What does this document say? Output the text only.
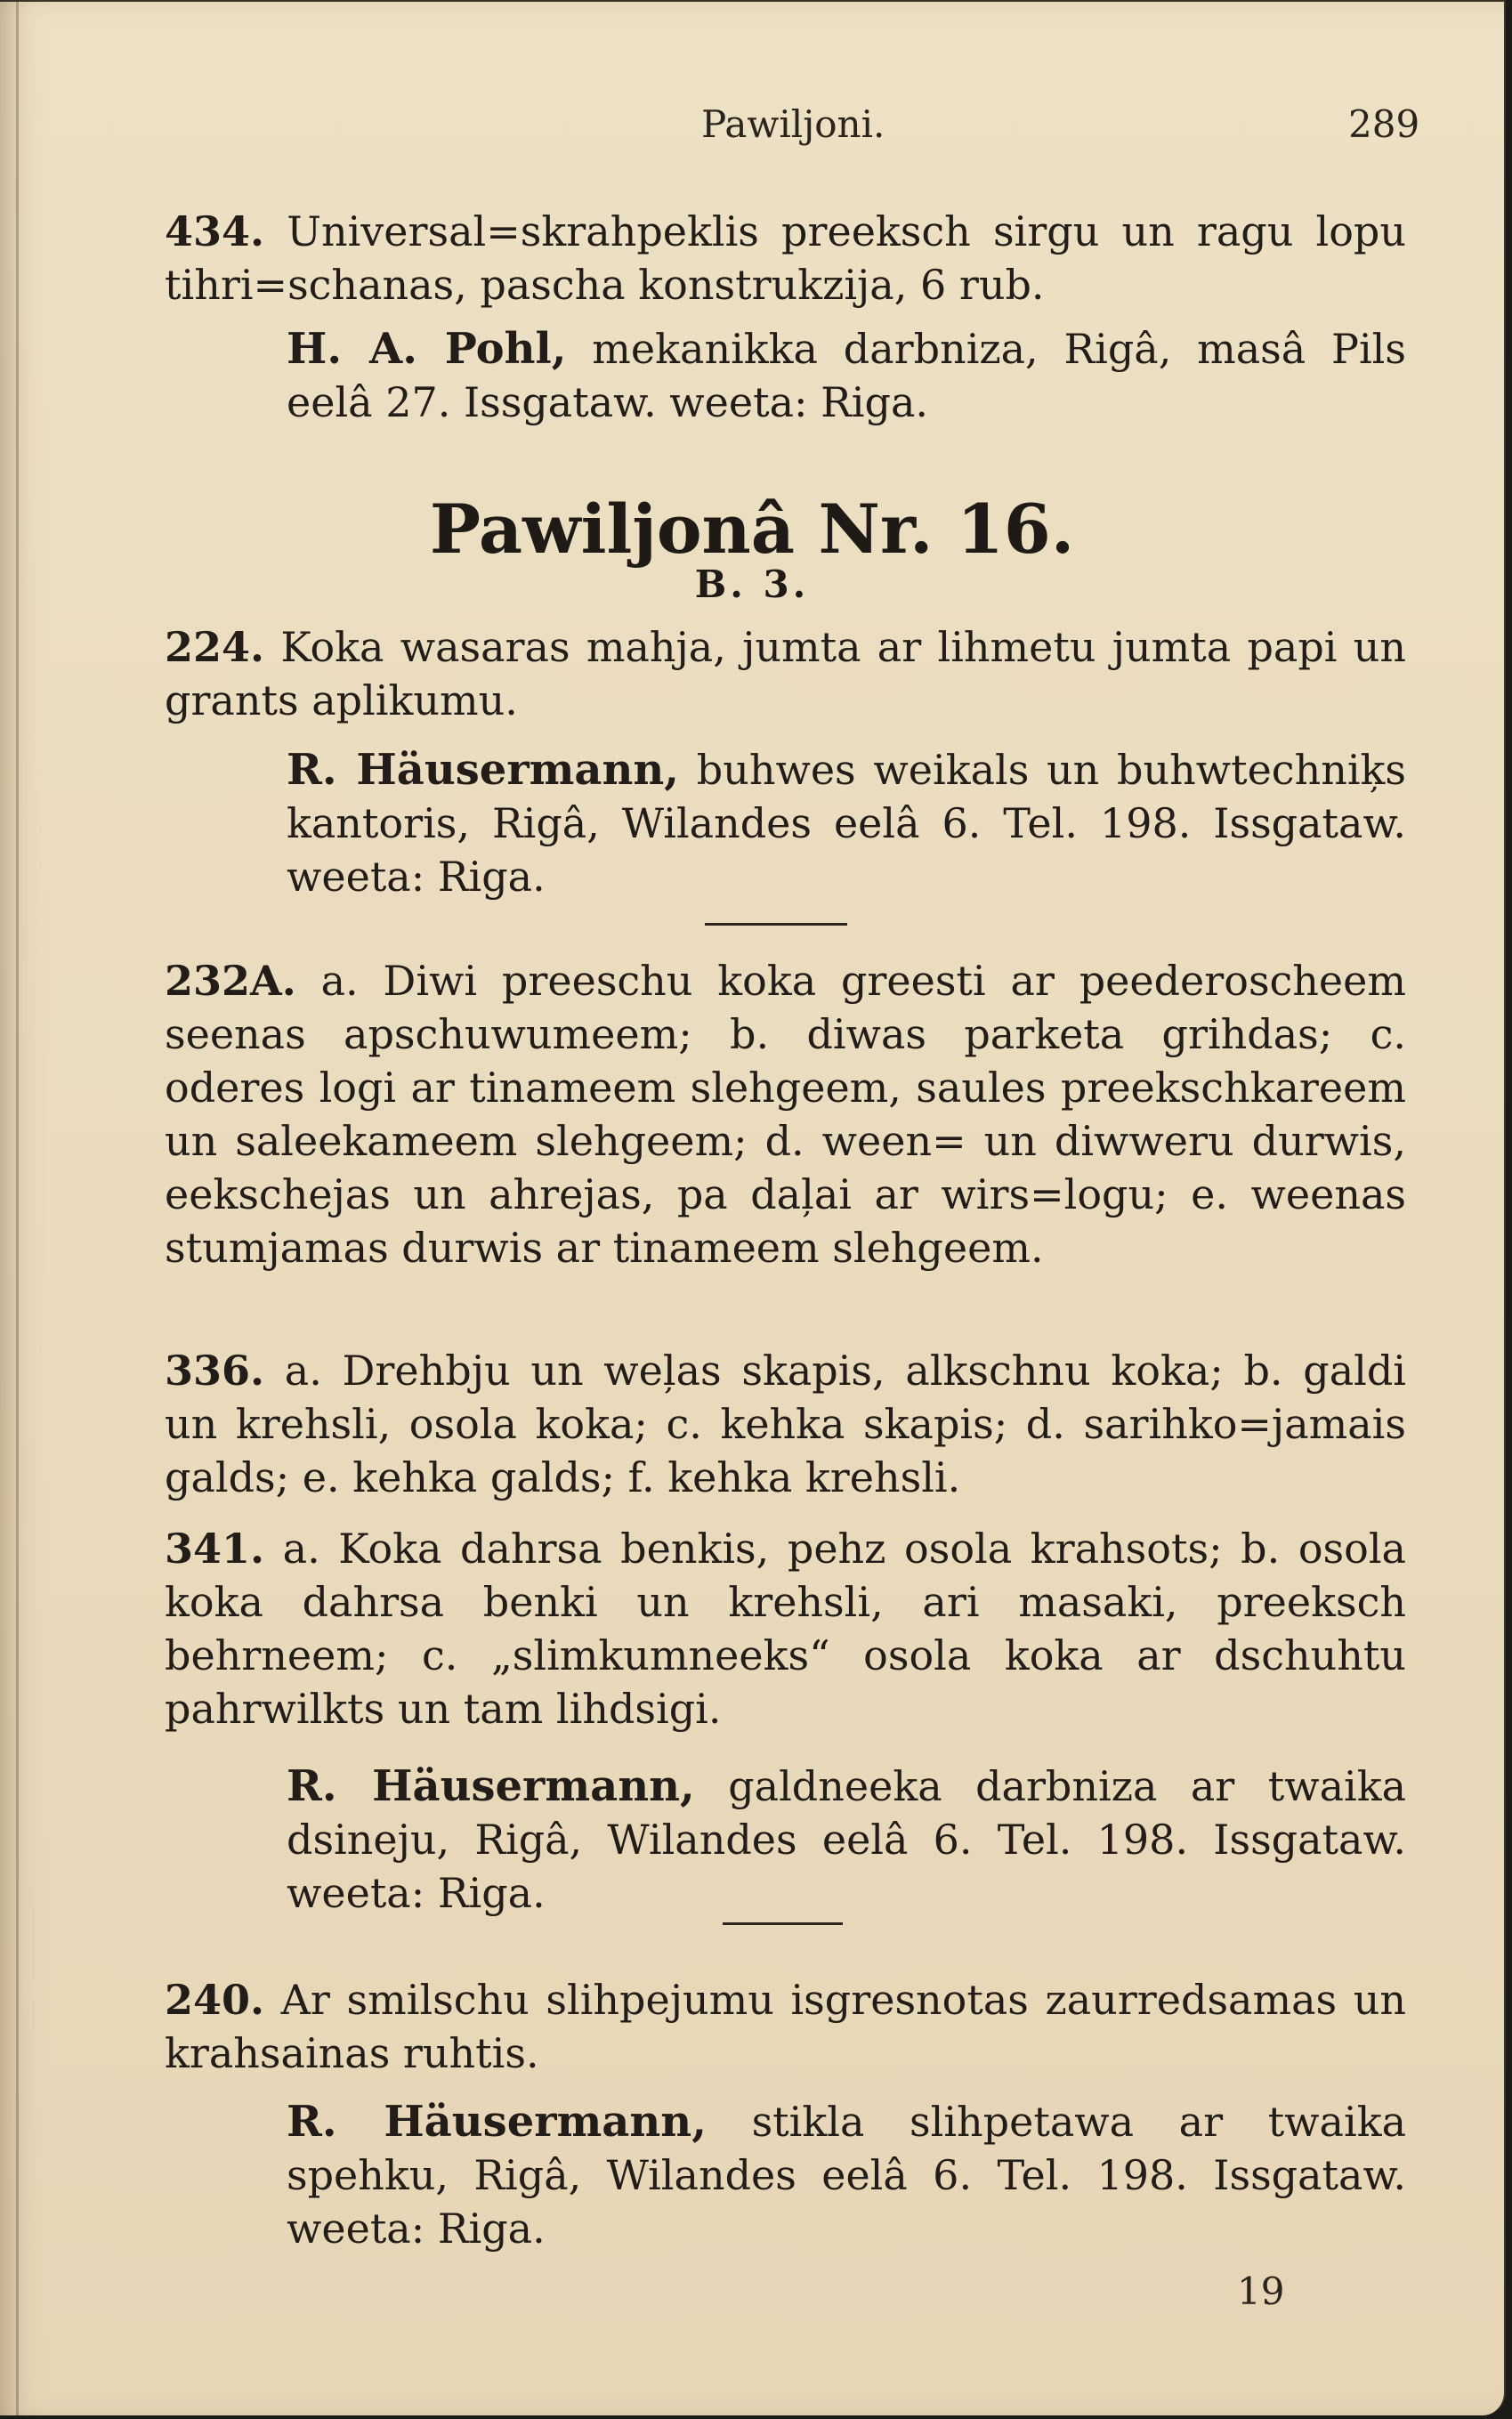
Pawiljoni.	289

434. Universal=skrahpeklis preeksch sirgu un ragu lopu tihri=schanas, pascha konstrukzija, 6 rub.

H. A. Pohl, mekanikka darbniza, Rigâ, masâ Pils eelâ 27. Issgataw. weeta: Riga.

Pawiljonâ Nr. 16.
B. 3.

224. Koka wasaras mahja, jumta ar lihmetu jumta papi un grants aplikumu.

R. Häusermann, buhwes weikals un buhwtechniķs kantoris, Rigâ, Wilandes eelâ 6. Tel. 198. Issgataw. weeta: Riga.

232A. a. Diwi preeschu koka greesti ar peederoscheem seenas apschuwumeem; b. diwas parketa grihdas; c. oderes logi ar tinameem slehgeem, saules preekschkareem un saleekameem slehgeem; d. ween= un diwweru durwis, eekschejas un ahrejas, pa daļai ar wirs=logu; e. weenas stumjamas durwis ar tinameem slehgeem.

336. a. Drehbju un weļas skapis, alkschnu koka; b. galdi un krehsli, osola koka; c. kehka skapis; d. sarihko=jamais galds; e. kehka galds; f. kehka krehsli.

341. a. Koka dahrsa benkis, pehz osola krahsots; b. osola koka dahrsa benki un krehsli, ari masaki, preeksch behrneem; c. „slimkumneeks“ osola koka ar dschuhtu pahrwilkts un tam lihdsigi.

R. Häusermann, galdneeka darbniza ar twaika dsineju, Rigâ, Wilandes eelâ 6. Tel. 198. Issgataw. weeta: Riga.

240. Ar smilschu slihpejumu isgresnotas zaurredsamas un krahsainas ruhtis.

R. Häusermann, stikla slihpetawa ar twaika spehku, Rigâ, Wilandes eelâ 6. Tel. 198. Issgataw. weeta: Riga.

19
